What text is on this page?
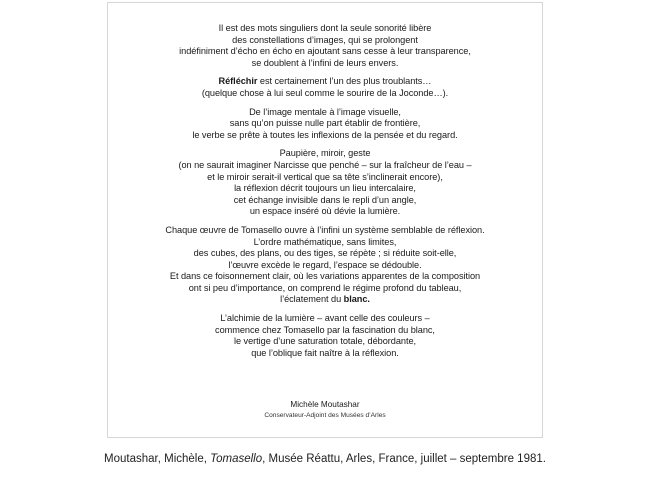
Il est des mots singuliers dont la seule sonorité libère
des constellations d’images, qui se prolongent
indéfiniment d’écho en écho en ajoutant sans cesse à leur transparence,
se doublent à l’infini de leurs envers.
Réfléchir est certainement l’un des plus troublants…
(quelque chose à lui seul comme le sourire de la Joconde…).
De l’image mentale à l’image visuelle,
sans qu’on puisse nulle part établir de frontière,
le verbe se prête à toutes les inflexions de la pensée et du regard.
Paupière, miroir, geste
(on ne saurait imaginer Narcisse que penché – sur la fraîcheur de l’eau –
et le miroir serait-il vertical que sa tête s’inclinerait encore),
la réflexion décrit toujours un lieu intercalaire,
cet échange invisible dans le repli d’un angle,
un espace inséré où dévie la lumière.
Chaque œuvre de Tomasello ouvre à l’infini un système semblable de réflexion.
L’ordre mathématique, sans limites,
des cubes, des plans, ou des tiges, se répète ; si réduite soit-elle,
l’œuvre excède le regard, l’espace se dédouble.
Et dans ce foisonnement clair, où les variations apparentes de la composition
ont si peu d’importance, on comprend le régime profond du tableau,
l’éclatement du blanc.
L’alchimie de la lumière – avant celle des couleurs –
commence chez Tomasello par la fascination du blanc,
le vertige d’une saturation totale, débordante,
que l’oblique fait naître à la réflexion.
Michèle Moutashar
Conservateur-Adjoint des Musées d’Arles
Moutashar, Michèle, Tomasello, Musée Réattu, Arles, France, juillet – septembre 1981.
